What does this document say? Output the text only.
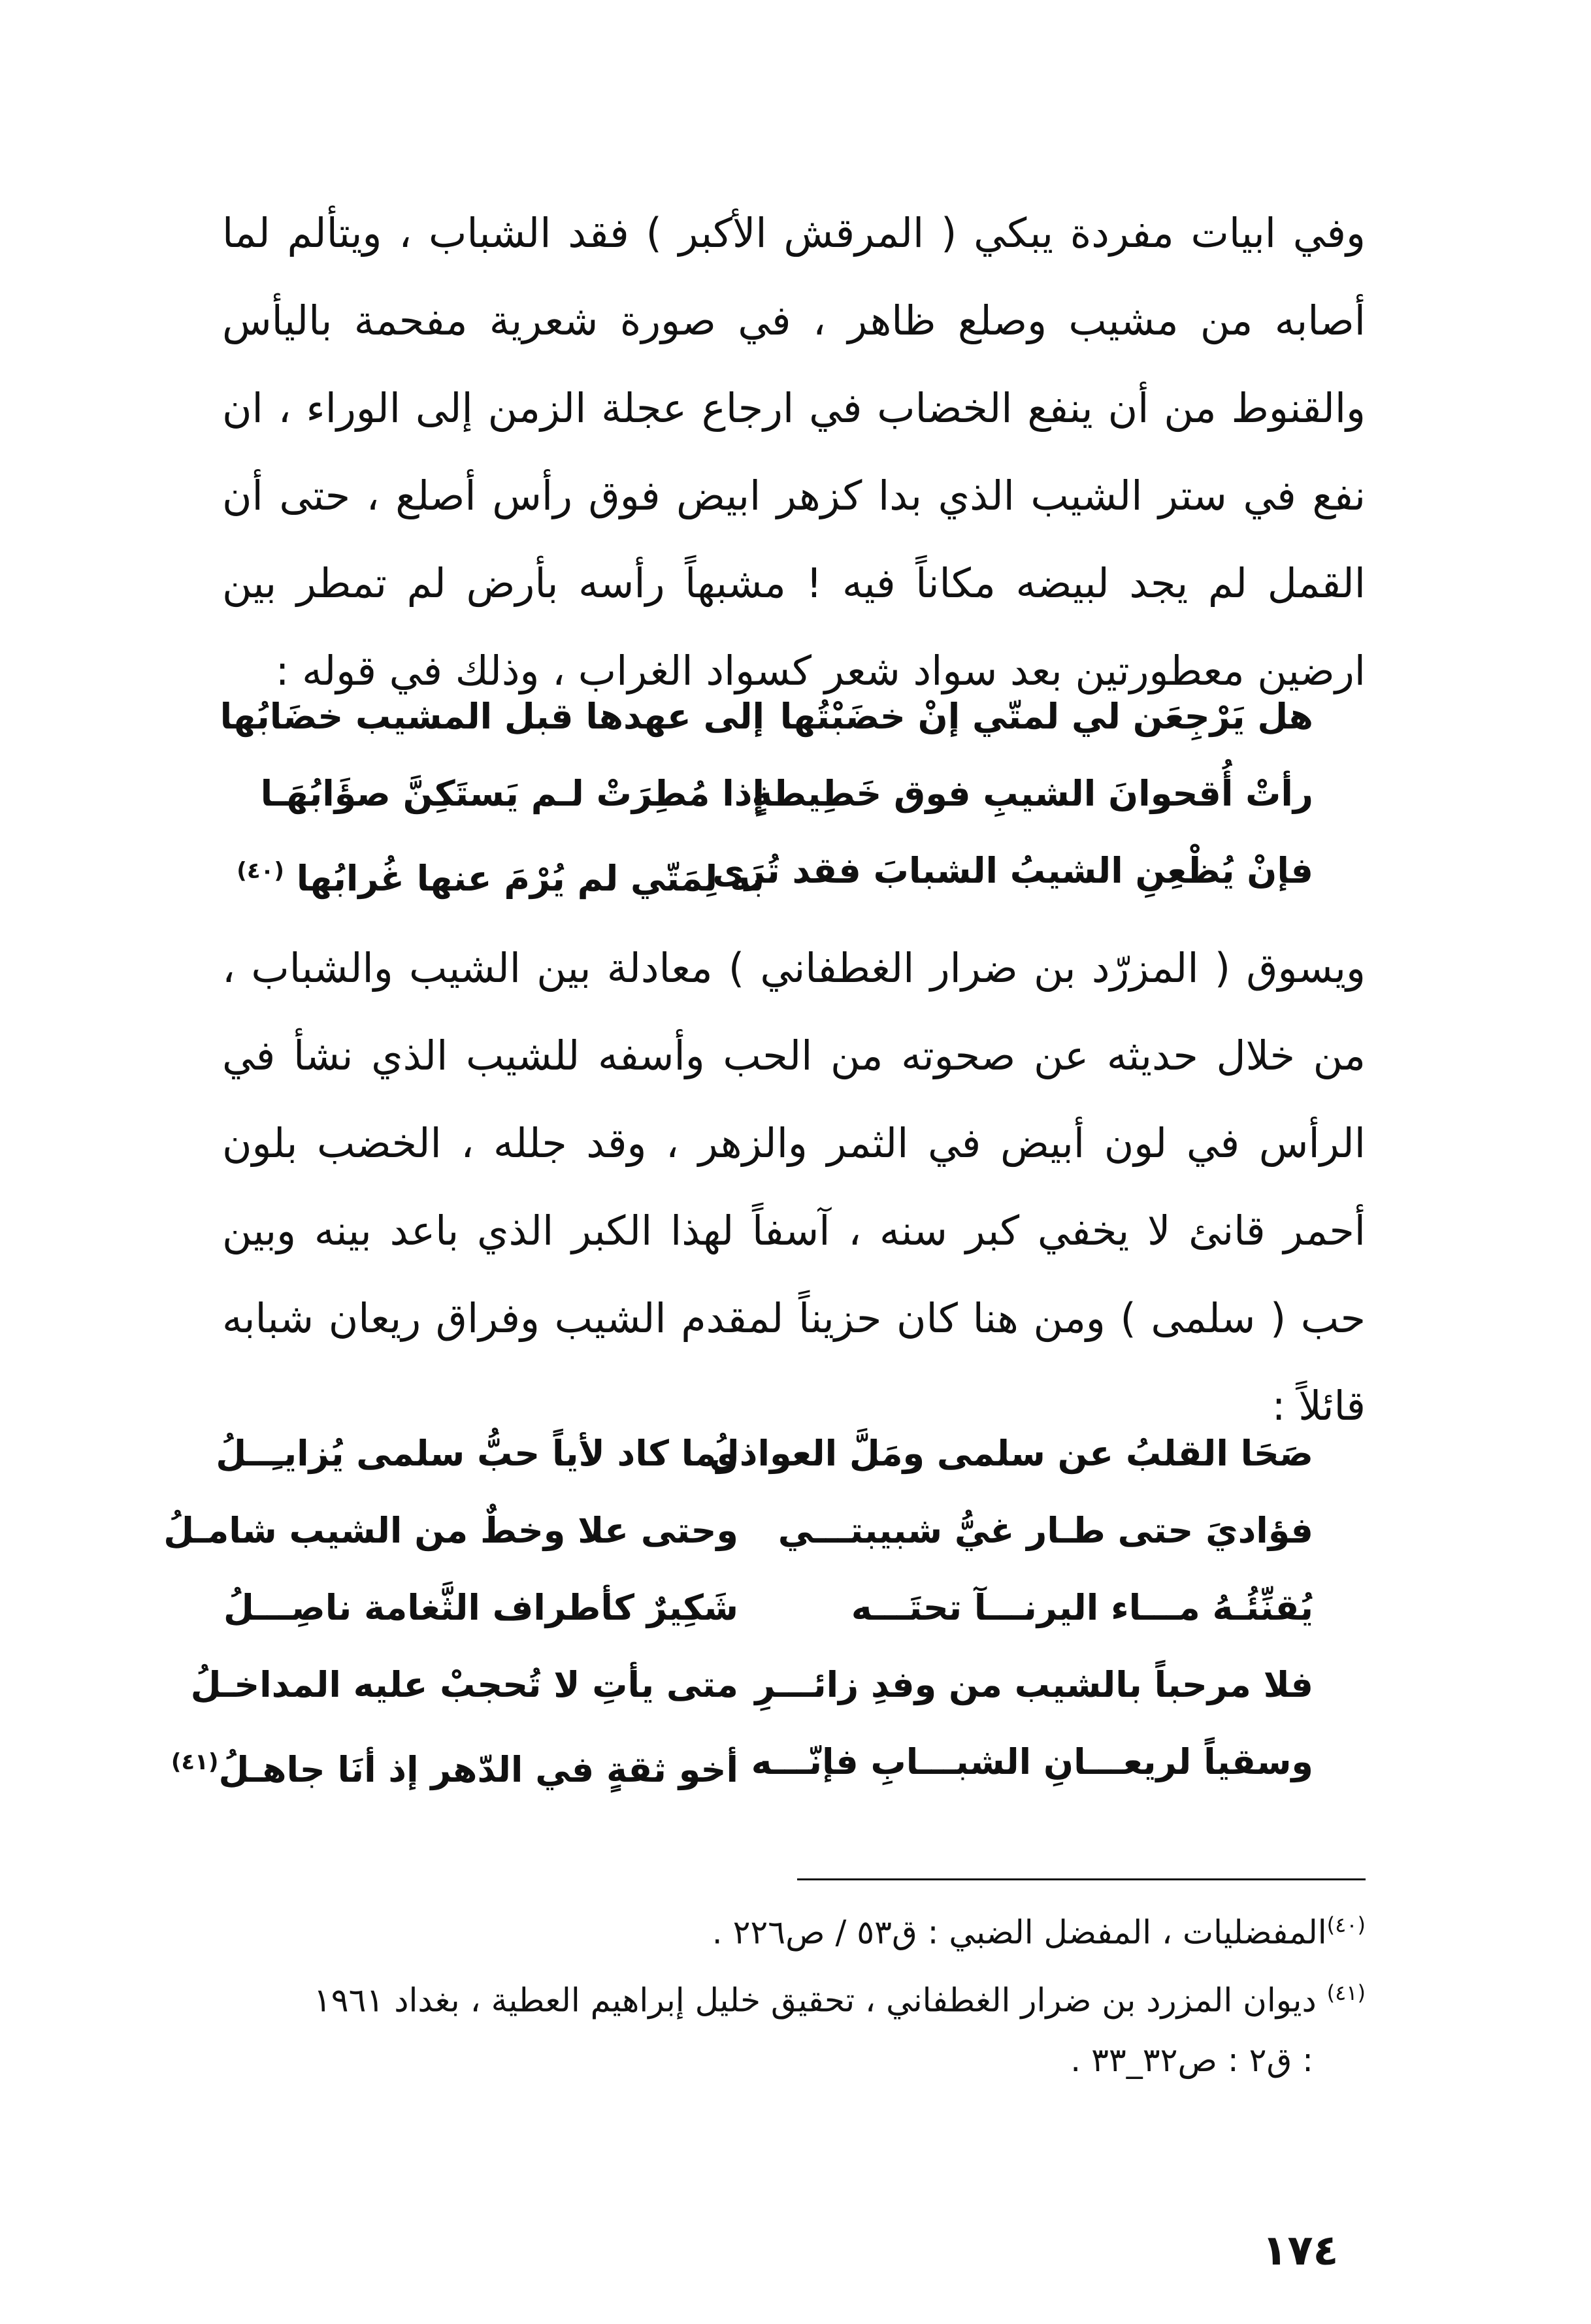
وفي ابيات مفردة يبكي ( المرقش الأكبر ) فقد الشباب ، ويتألم لما أصابه من مشيب وصلع ظاهر ، في صورة شعرية مفحمة باليأس والقنوط من أن ينفع الخضاب في ارجاع عجلة الزمن إلى الوراء ، ان نفع في ستر الشيب الذي بدا كزهر ابيض فوق رأس أصلع ، حتى أن القمل لم يجد لبيضه مكاناً فيه ! مشبهاً رأسه بأرض لم تمطر بين ارضين معطورتين بعد سواد شعر كسواد الغراب ، وذلك في قوله :

هل يَرْجِعَن لي لمتّي إنْ خضَبْتُها
إلى عهدها قبل المشيب خضَابُها
رأتْ أُقحوانَ الشيبِ فوق خَطِيطةٍ
إذا مُطِرَتْ لـم يَستَكِنَّ صؤَابُهَـا
فإنْ يُظْعِنِ الشيبُ الشبابَ فقد تُرَى
به لِمَتّي لم يُرْمَ عنها غُرابُها $^{(٤٠)}$

ويسوق ( المزرّد بن ضرار الغطفاني ) معادلة بين الشيب والشباب ، من خلال حديثه عن صحوته من الحب وأسفه للشيب الذي نشأ في الرأس في لون أبيض في الثمر والزهر ، وقد جلله ، الخضب بلون أحمر قانئ لا يخفي كبر سنه ، آسفاً لهذا الكبر الذي باعد بينه وبين حب ( سلمى ) ومن هنا كان حزيناً لمقدم الشيب وفراق ريعان شبابه قائلاً :

صَحَا القلبُ عن سلمى ومَلَّ العواذلُ
وما كاد لأياً حبُّ سلمى يُزايـِــلُ
فؤاديَ حتى طـار غيُّ شبيبتـــي
وحتى علا وخطٌ من الشيب شامـلُ
يُقنِّئُـهُ مـــاء اليرنـــآ تحتَـــه
شَكِيرٌ كأطراف الثَّغامة ناصِـــلُ
فلا مرحباً بالشيب من وفدِ زائـــرِ
متى يأتِ لا تُحجبْ عليه المداخـلُ
وسقياً لريعـــانِ الشبـــابِ فإنّـــه
أخو ثقةٍ في الدّهر إذ أنَا جاهـلُ$^{(٤١)}$

$^{(٤٠)}$المفضليات ، المفضل الضبي : ق٥٣ / ص٢٢٦ .

$^{(٤١)}$ ديوان المزرد بن ضرار الغطفاني ، تحقيق خليل إبراهيم العطية ، بغداد ١٩٦١

: ق٢ : ص٣٢_٣٣ .

١٧٤
